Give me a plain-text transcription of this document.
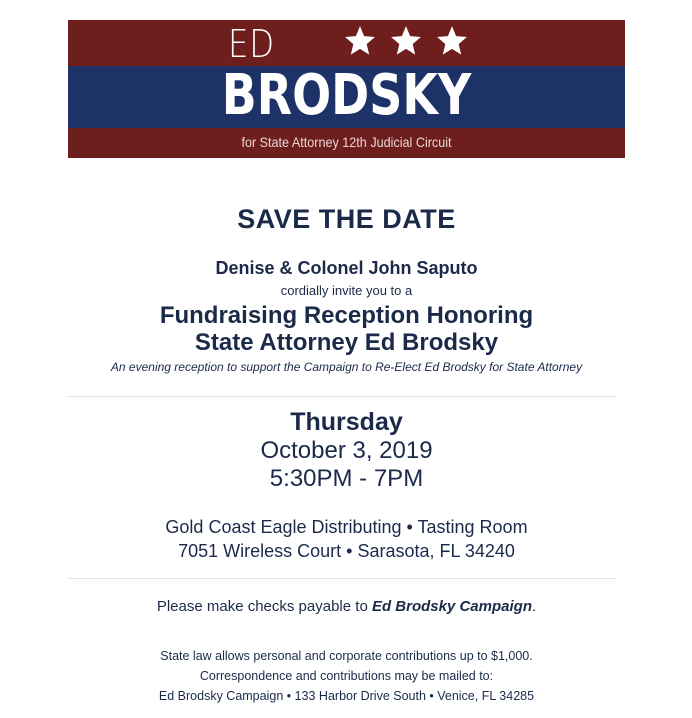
ED
BRODSKY
for State Attorney 12th Judicial Circuit
SAVE THE DATE
Denise & Colonel John Saputo
cordially invite you to a
Fundraising Reception Honoring
State Attorney Ed Brodsky
An evening reception to support the Campaign to Re-Elect Ed Brodsky for State Attorney
Thursday
October 3, 2019
5:30PM - 7PM
Gold Coast Eagle Distributing • Tasting Room
7051 Wireless Court • Sarasota, FL 34240
Please make checks payable to Ed Brodsky Campaign.
State law allows personal and corporate contributions up to $1,000.
Correspondence and contributions may be mailed to:
Ed Brodsky Campaign • 133 Harbor Drive South • Venice, FL 34285
